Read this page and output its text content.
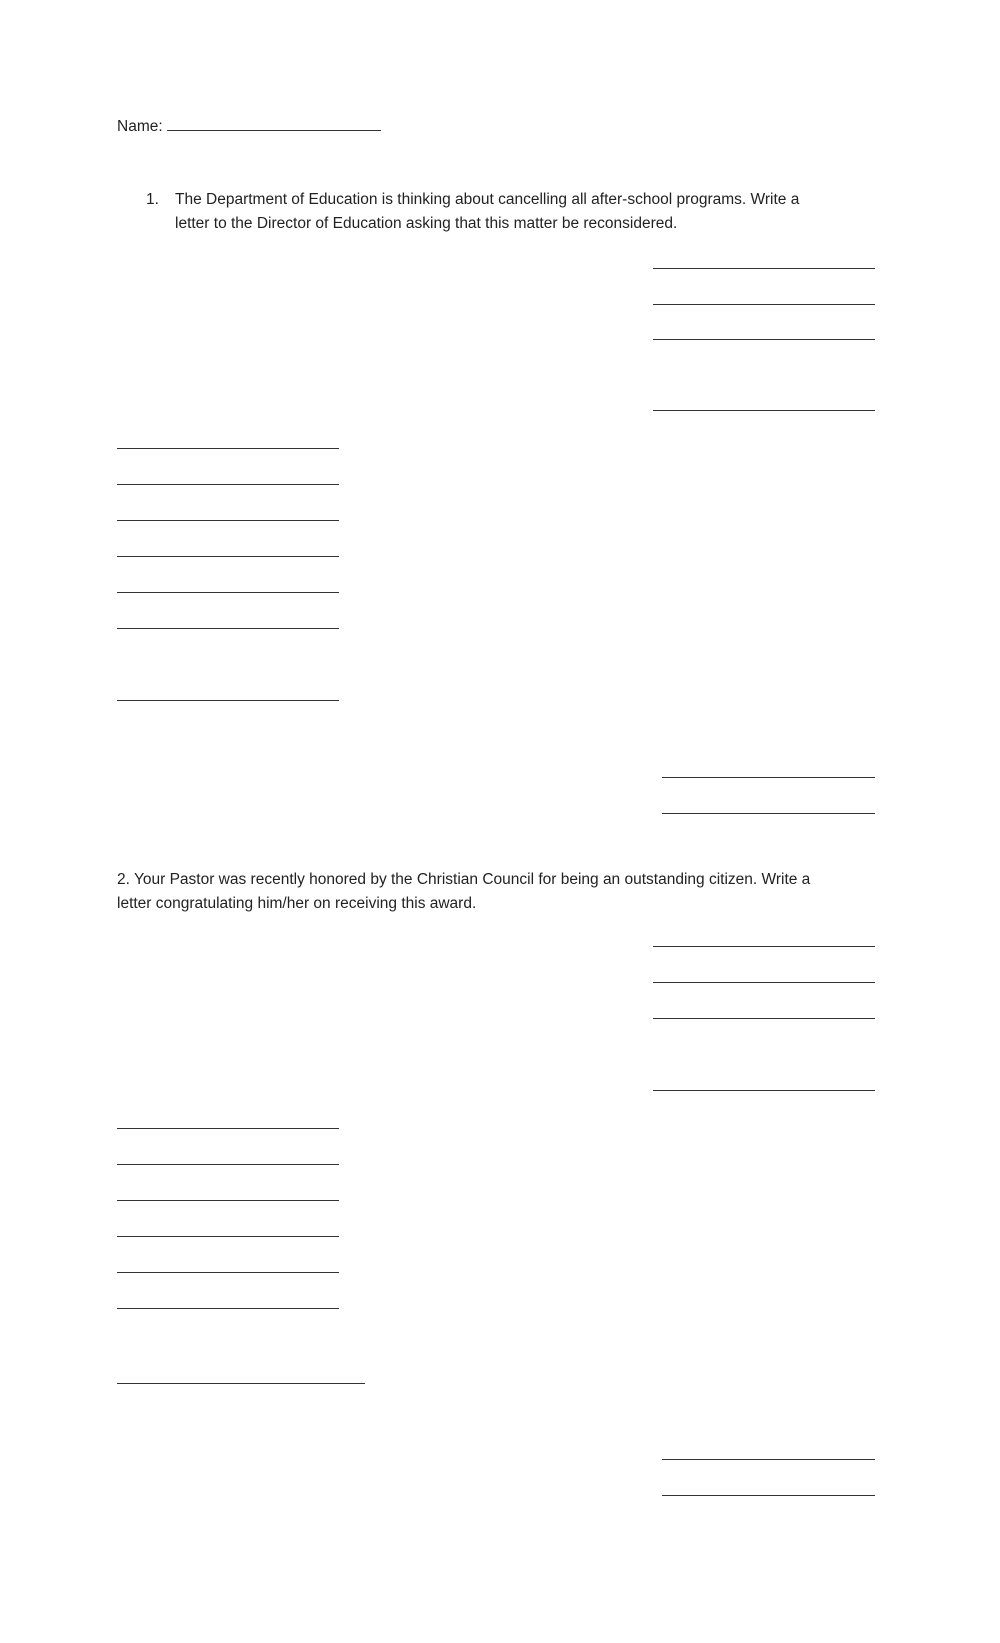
Name:
1. The Department of Education is thinking about cancelling all after-school programs. Write a
letter to the Director of Education asking that this matter be reconsidered.
2. Your Pastor was recently honored by the Christian Council for being an outstanding citizen. Write a
letter congratulating him/her on receiving this award.
